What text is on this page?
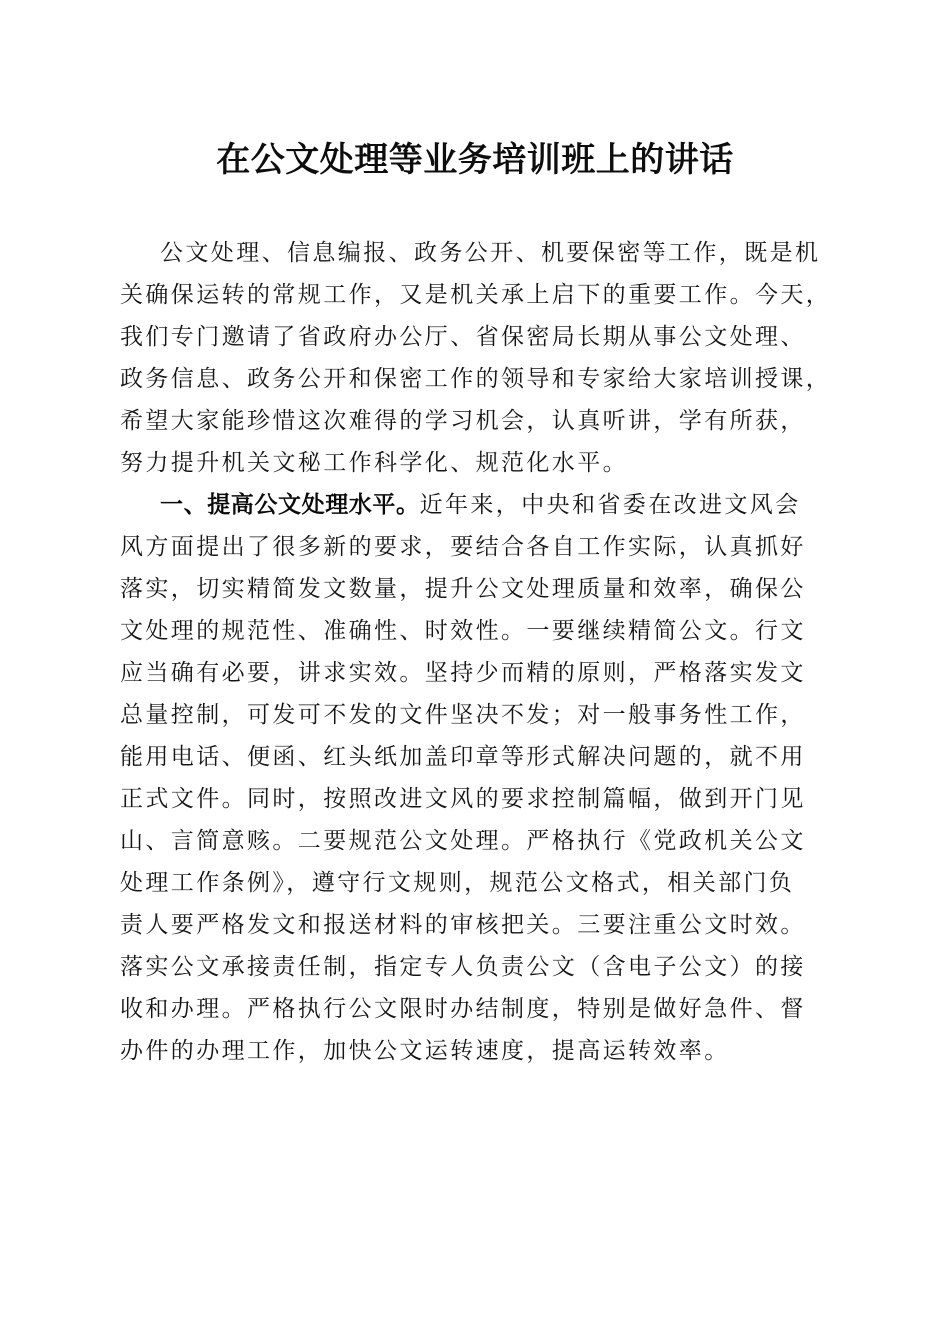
在公文处理等业务培训班上的讲话
公文处理、信息编报、政务公开、机要保密等工作，既是机
关确保运转的常规工作，又是机关承上启下的重要工作。今天，
我们专门邀请了省政府办公厅、省保密局长期从事公文处理、
政务信息、政务公开和保密工作的领导和专家给大家培训授课，
希望大家能珍惜这次难得的学习机会，认真听讲，学有所获，
努力提升机关文秘工作科学化、规范化水平。
一、提高公文处理水平。近年来，中央和省委在改进文风会
风方面提出了很多新的要求，要结合各自工作实际，认真抓好
落实，切实精简发文数量，提升公文处理质量和效率，确保公
文处理的规范性、准确性、时效性。一要继续精简公文。行文
应当确有必要，讲求实效。坚持少而精的原则，严格落实发文
总量控制，可发可不发的文件坚决不发；对一般事务性工作，
能用电话、便函、红头纸加盖印章等形式解决问题的，就不用
正式文件。同时，按照改进文风的要求控制篇幅，做到开门见
山、言简意赅。二要规范公文处理。严格执行《党政机关公文
处理工作条例》，遵守行文规则，规范公文格式，相关部门负
责人要严格发文和报送材料的审核把关。三要注重公文时效。
落实公文承接责任制，指定专人负责公文（含电子公文）的接
收和办理。严格执行公文限时办结制度，特别是做好急件、督
办件的办理工作，加快公文运转速度，提高运转效率。
